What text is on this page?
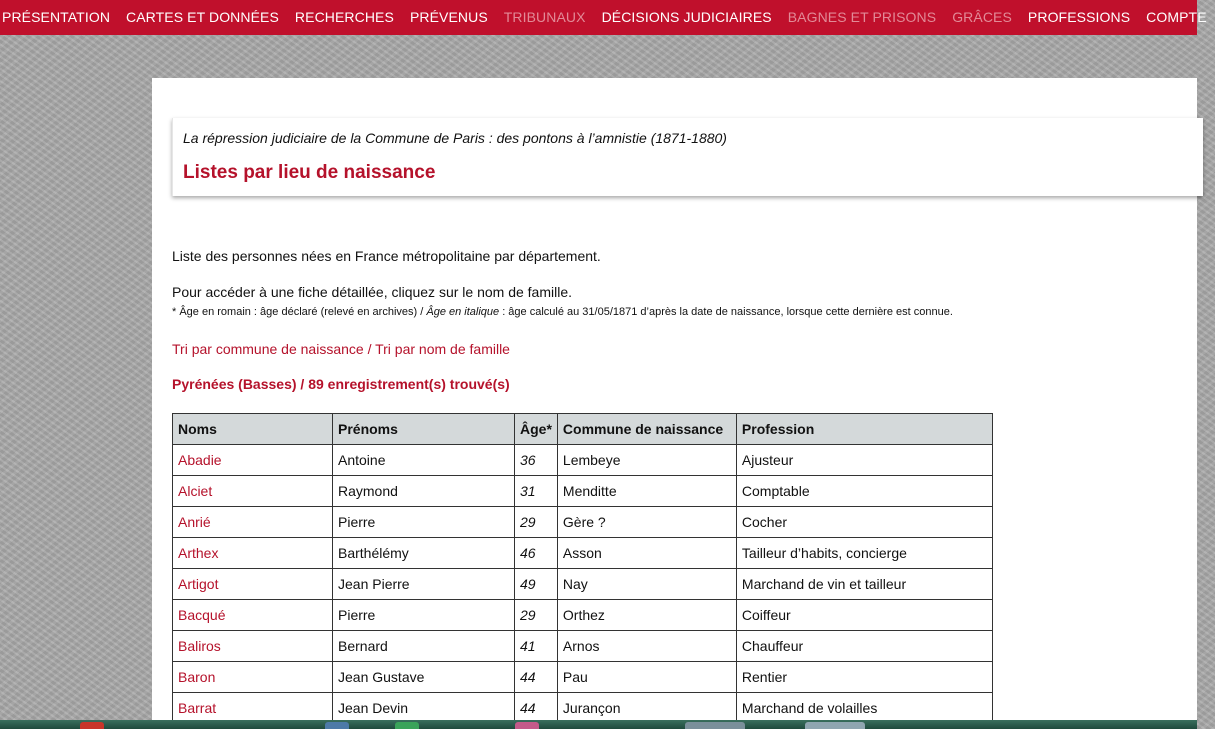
PRÉSENTATION	CARTES ET DONNÉES	RECHERCHES	PRÉVENUS	TRIBUNAUX	DÉCISIONS JUDICIAIRES	BAGNES ET PRISONS	GRÂCES	PROFESSIONS	COMPTE
La répression judiciaire de la Commune de Paris : des pontons à l’amnistie (1871-1880)
Listes par lieu de naissance
Liste des personnes nées en France métropolitaine par département.
Pour accéder à une fiche détaillée, cliquez sur le nom de famille.
* Âge en romain : âge déclaré (relevé en archives) / Âge en italique : âge calculé au 31/05/1871 d’après la date de naissance, lorsque cette dernière est connue.
Tri par commune de naissance / Tri par nom de famille
Pyrénées (Basses) / 89 enregistrement(s) trouvé(s)
Noms	Prénoms	Âge*	Commune de naissance	Profession
Abadie	Antoine	36	Lembeye	Ajusteur
Alciet	Raymond	31	Menditte	Comptable
Anrié	Pierre	29	Gère ?	Cocher
Arthex	Barthélémy	46	Asson	Tailleur d’habits, concierge
Artigot	Jean Pierre	49	Nay	Marchand de vin et tailleur
Bacqué	Pierre	29	Orthez	Coiffeur
Baliros	Bernard	41	Arnos	Chauffeur
Baron	Jean Gustave	44	Pau	Rentier
Barrat	Jean Devin	44	Jurançon	Marchand de volailles
